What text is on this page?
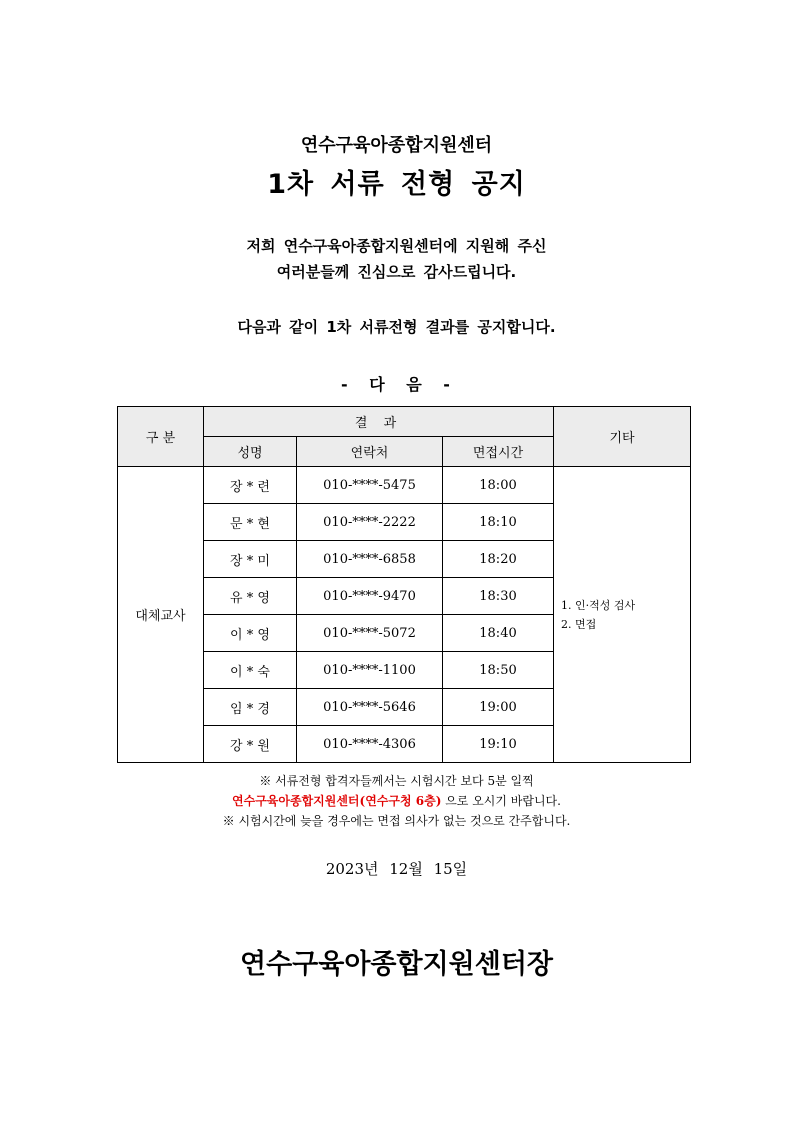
연수구육아종합지원센터
1차 서류 전형 공지
저희 연수구육아종합지원센터에 지원해 주신
여러분들께 진심으로 감사드립니다.
다음과 같이 1차 서류전형 결과를 공지합니다.
- 다 음 -
구 분	결 과			기타
	성명	연락처	면접시간	
대체교사	장 * 련	010-****-5475	18:00	1. 인·적성 검사
2. 면접

	문 * 현	010-****-2222	18:10	
	장 * 미	010-****-6858	18:20	
	유 * 영	010-****-9470	18:30	
	이 * 영	010-****-5072	18:40	
	이 * 숙	010-****-1100	18:50	
	임 * 경	010-****-5646	19:00	
	강 * 원	010-****-4306	19:10	
※ 서류전형 합격자들께서는 시험시간 보다 5분 일찍
연수구육아종합지원센터(연수구청 6층) 으로 오시기 바랍니다.
※ 시험시간에 늦을 경우에는 면접 의사가 없는 것으로 간주합니다.
2023년 12월 15일
연수구육아종합지원센터장
